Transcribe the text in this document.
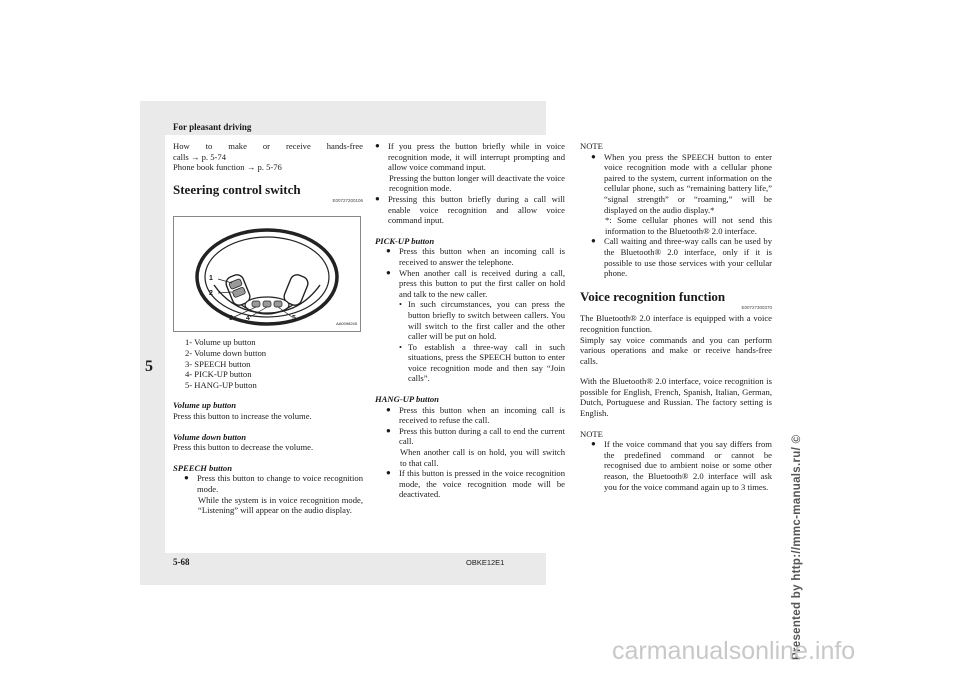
For pleasant driving
5

How to make or receive hands-free

calls → p. 5-74

Phone book function → p. 5-76

Steering control switch

E00727200106

1
2
3 4	5
AA0098245

1- Volume up button

2- Volume down button

3- SPEECH button

4- PICK-UP button

5- HANG-UP button

Volume up button

Press this button to increase the volume.

Volume down button

Press this button to decrease the volume.

SPEECH button

● Press this button to change to voice recognition mode.

While the system is in voice recognition mode, “Listening” will appear on the audio display.

● If you press the button briefly while in voice recognition mode, it will interrupt prompting and allow voice command input.

Pressing the button longer will deactivate the voice recognition mode.

● Pressing this button briefly during a call will enable voice recognition and allow voice command input.

PICK-UP button

● Press this button when an incoming call is received to answer the telephone.

● When another call is received during a call, press this button to put the first caller on hold and talk to the new caller.

• In such circumstances, you can press the button briefly to switch between callers. You will switch to the first caller and the other caller will be put on hold.

• To establish a three-way call in such situations, press the SPEECH button to enter voice recognition mode and then say “Join calls”.

HANG-UP button

● Press this button when an incoming call is received to refuse the call.

● Press this button during a call to end the current call.

When another call is on hold, you will switch to that call.

● If this button is pressed in the voice recognition mode, the voice recognition mode will be deactivated.

NOTE

● When you press the SPEECH button to enter voice recognition mode with a cellular phone paired to the system, current information on the cellular phone, such as “remaining battery life,” “signal strength” or “roaming,” will be displayed on the audio display.*

*: Some cellular phones will not send this information to the Bluetooth® 2.0 interface.

● Call waiting and three-way calls can be used by the Bluetooth® 2.0 interface, only if it is possible to use those services with your cellular phone.

Voice recognition function

E00727300370

The Bluetooth® 2.0 interface is equipped with a voice recognition function.

Simply say voice commands and you can perform various operations and make or receive hands-free calls.

With the Bluetooth® 2.0 interface, voice recognition is possible for English, French, Spanish, Italian, German, Dutch, Portuguese and Russian. The factory setting is English.

NOTE

● If the voice command that you say differs from the predefined command or cannot be recognised due to ambient noise or some other reason, the Bluetooth® 2.0 interface will ask you for the voice command again up to 3 times.

5-68	OBKE12E1	Presented by http://mmc-manuals.ru/ ©
carmanualsonline.info
